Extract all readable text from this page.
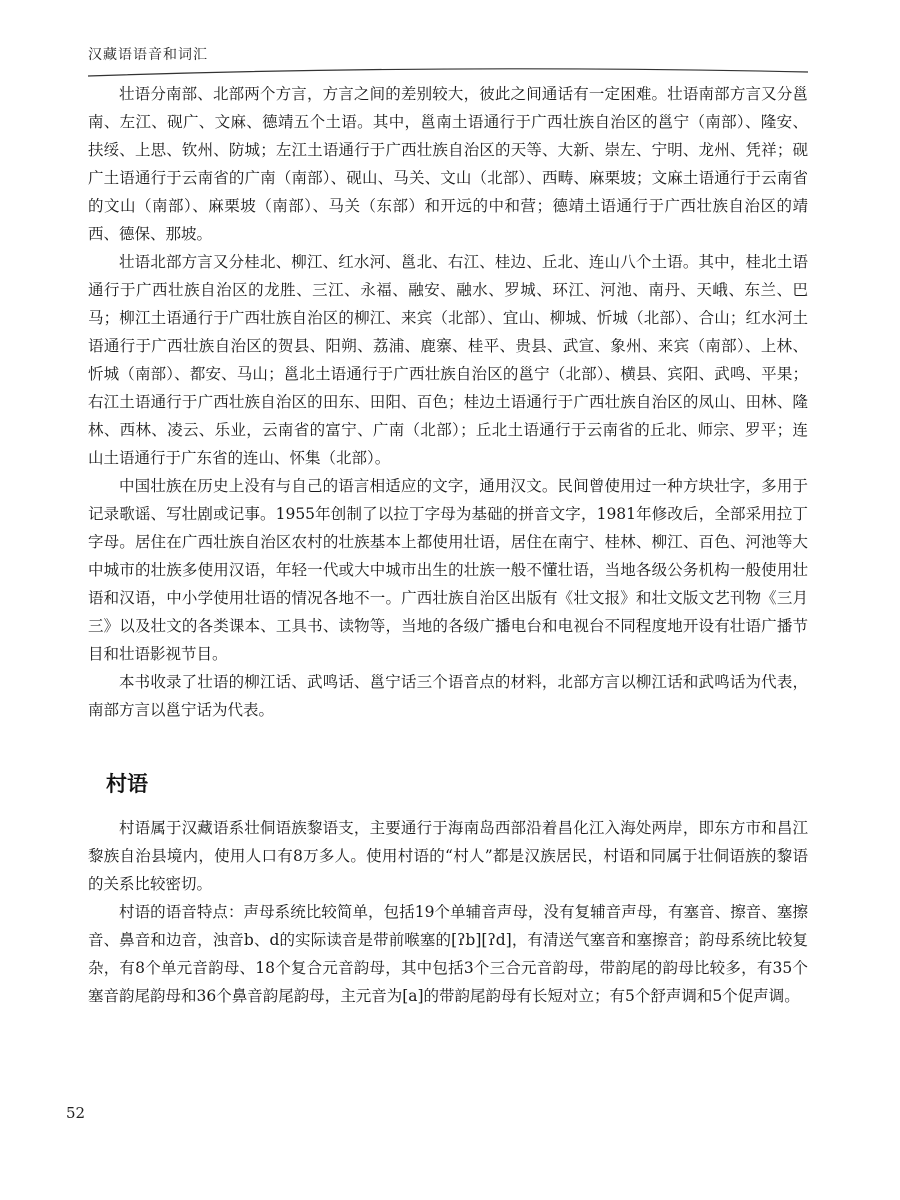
汉藏语语音和词汇

壮语分南部、北部两个方言，方言之间的差别较大，彼此之间通话有一定困难。壮语南部方言又分邕南、左江、砚广、文麻、德靖五个土语。其中，邕南土语通行于广西壮族自治区的邕宁（南部）、隆安、扶绥、上思、钦州、防城；左江土语通行于广西壮族自治区的天等、大新、崇左、宁明、龙州、凭祥；砚广土语通行于云南省的广南（南部）、砚山、马关、文山（北部）、西畴、麻栗坡；文麻土语通行于云南省的文山（南部）、麻栗坡（南部）、马关（东部）和开远的中和营；德靖土语通行于广西壮族自治区的靖西、德保、那坡。

壮语北部方言又分桂北、柳江、红水河、邕北、右江、桂边、丘北、连山八个土语。其中，桂北土语通行于广西壮族自治区的龙胜、三江、永福、融安、融水、罗城、环江、河池、南丹、天峨、东兰、巴马；柳江土语通行于广西壮族自治区的柳江、来宾（北部）、宜山、柳城、忻城（北部）、合山；红水河土语通行于广西壮族自治区的贺县、阳朔、荔浦、鹿寨、桂平、贵县、武宣、象州、来宾（南部）、上林、忻城（南部）、都安、马山；邕北土语通行于广西壮族自治区的邕宁（北部）、横县、宾阳、武鸣、平果；右江土语通行于广西壮族自治区的田东、田阳、百色；桂边土语通行于广西壮族自治区的凤山、田林、隆林、西林、凌云、乐业，云南省的富宁、广南（北部）；丘北土语通行于云南省的丘北、师宗、罗平；连山土语通行于广东省的连山、怀集（北部）。

中国壮族在历史上没有与自己的语言相适应的文字，通用汉文。民间曾使用过一种方块壮字，多用于记录歌谣、写壮剧或记事。1955年创制了以拉丁字母为基础的拼音文字，1981年修改后，全部采用拉丁字母。居住在广西壮族自治区农村的壮族基本上都使用壮语，居住在南宁、桂林、柳江、百色、河池等大中城市的壮族多使用汉语，年轻一代或大中城市出生的壮族一般不懂壮语，当地各级公务机构一般使用壮语和汉语，中小学使用壮语的情况各地不一。广西壮族自治区出版有《壮文报》和壮文版文艺刊物《三月三》以及壮文的各类课本、工具书、读物等，当地的各级广播电台和电视台不同程度地开设有壮语广播节目和壮语影视节目。

本书收录了壮语的柳江话、武鸣话、邕宁话三个语音点的材料，北部方言以柳江话和武鸣话为代表，南部方言以邕宁话为代表。

村语

村语属于汉藏语系壮侗语族黎语支，主要通行于海南岛西部沿着昌化江入海处两岸，即东方市和昌江黎族自治县境内，使用人口有8万多人。使用村语的“村人”都是汉族居民，村语和同属于壮侗语族的黎语的关系比较密切。

村语的语音特点：声母系统比较简单，包括19个单辅音声母，没有复辅音声母，有塞音、擦音、塞擦音、鼻音和边音，浊音b、d的实际读音是带前喉塞的[ʔb][ʔd]，有清送气塞音和塞擦音；韵母系统比较复杂，有8个单元音韵母、18个复合元音韵母，其中包括3个三合元音韵母，带韵尾的韵母比较多，有35个塞音韵尾韵母和36个鼻音韵尾韵母，主元音为[a]的带韵尾韵母有长短对立；有5个舒声调和5个促声调。

52
